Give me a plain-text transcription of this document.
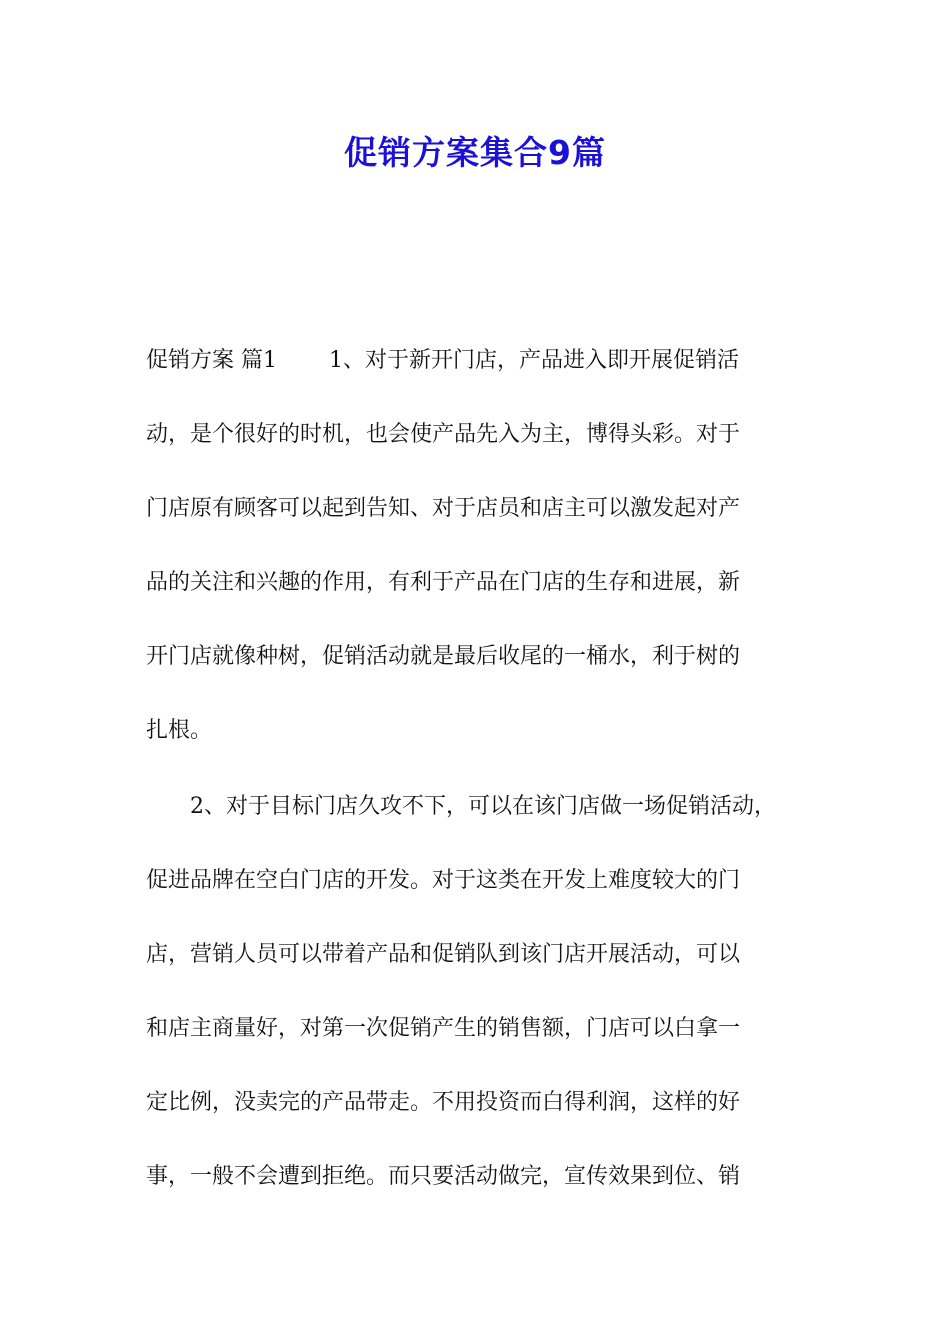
促销方案集合9篇

促销方案 篇1 1、对于新开门店，产品进入即开展促销活

动，是个很好的时机，也会使产品先入为主，博得头彩。对于

门店原有顾客可以起到告知、对于店员和店主可以激发起对产

品的关注和兴趣的作用，有利于产品在门店的生存和进展，新

开门店就像种树，促销活动就是最后收尾的一桶水，利于树的

扎根。

2、对于目标门店久攻不下，可以在该门店做一场促销活动，

促进品牌在空白门店的开发。对于这类在开发上难度较大的门

店，营销人员可以带着产品和促销队到该门店开展活动，可以

和店主商量好，对第一次促销产生的销售额，门店可以白拿一

定比例，没卖完的产品带走。不用投资而白得利润，这样的好

事，一般不会遭到拒绝。而只要活动做完，宣传效果到位、销
